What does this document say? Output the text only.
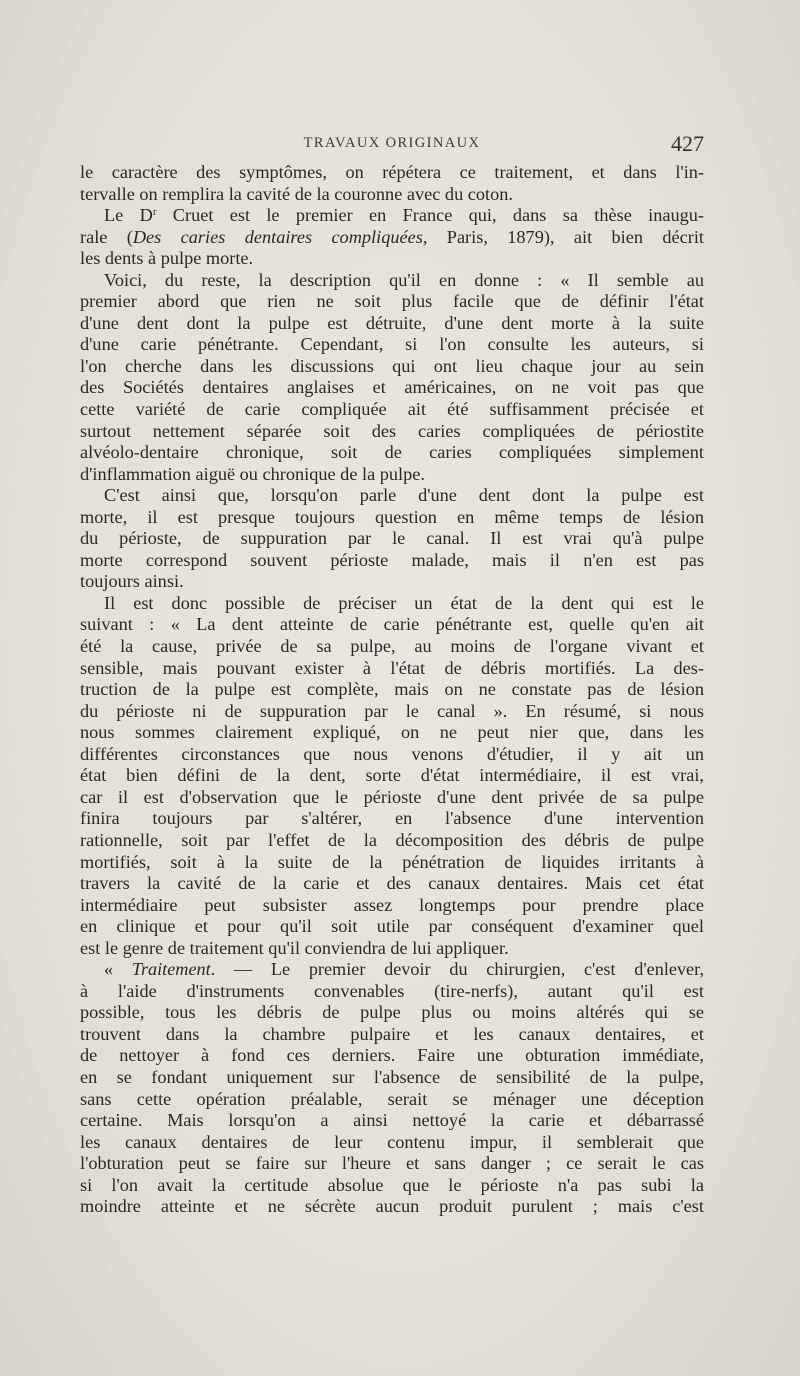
TRAVAUX ORIGINAUX	427

le caractère des symptômes, on répétera ce traitement, et dans l'in-
tervalle on remplira la cavité de la couronne avec du coton.

Le $D^r$ Cruet est le premier en France qui, dans sa thèse inaugu-
rale (Des caries dentaires compliquées, Paris, 1879), ait bien décrit
les dents à pulpe morte.

Voici, du reste, la description qu'il en donne : « Il semble au
premier abord que rien ne soit plus facile que de définir l'état
d'une dent dont la pulpe est détruite, d'une dent morte à la suite
d'une carie pénétrante. Cependant, si l'on consulte les auteurs, si
l'on cherche dans les discussions qui ont lieu chaque jour au sein
des Sociétés dentaires anglaises et américaines, on ne voit pas que
cette variété de carie compliquée ait été suffisamment précisée et
surtout nettement séparée soit des caries compliquées de périostite
alvéolo-dentaire chronique, soit de caries compliquées simplement
d'inflammation aiguë ou chronique de la pulpe.

C'est ainsi que, lorsqu'on parle d'une dent dont la pulpe est
morte, il est presque toujours question en même temps de lésion
du périoste, de suppuration par le canal. Il est vrai qu'à pulpe
morte correspond souvent périoste malade, mais il n'en est pas
toujours ainsi.

Il est donc possible de préciser un état de la dent qui est le
suivant : « La dent atteinte de carie pénétrante est, quelle qu'en ait
été la cause, privée de sa pulpe, au moins de l'organe vivant et
sensible, mais pouvant exister à l'état de débris mortifiés. La des-
truction de la pulpe est complète, mais on ne constate pas de lésion
du périoste ni de suppuration par le canal ». En résumé, si nous
nous sommes clairement expliqué, on ne peut nier que, dans les
différentes circonstances que nous venons d'étudier, il y ait un
état bien défini de la dent, sorte d'état intermédiaire, il est vrai,
car il est d'observation que le périoste d'une dent privée de sa pulpe
finira toujours par s'altérer, en l'absence d'une intervention
rationnelle, soit par l'effet de la décomposition des débris de pulpe
mortifiés, soit à la suite de la pénétration de liquides irritants à
travers la cavité de la carie et des canaux dentaires. Mais cet état
intermédiaire peut subsister assez longtemps pour prendre place
en clinique et pour qu'il soit utile par conséquent d'examiner quel
est le genre de traitement qu'il conviendra de lui appliquer.

« Traitement. — Le premier devoir du chirurgien, c'est d'enlever,
à l'aide d'instruments convenables (tire-nerfs), autant qu'il est
possible, tous les débris de pulpe plus ou moins altérés qui se
trouvent dans la chambre pulpaire et les canaux dentaires, et
de nettoyer à fond ces derniers. Faire une obturation immédiate,
en se fondant uniquement sur l'absence de sensibilité de la pulpe,
sans cette opération préalable, serait se ménager une déception
certaine. Mais lorsqu'on a ainsi nettoyé la carie et débarrassé
les canaux dentaires de leur contenu impur, il semblerait que
l'obturation peut se faire sur l'heure et sans danger ; ce serait le cas
si l'on avait la certitude absolue que le périoste n'a pas subi la
moindre atteinte et ne sécrète aucun produit purulent ; mais c'est
